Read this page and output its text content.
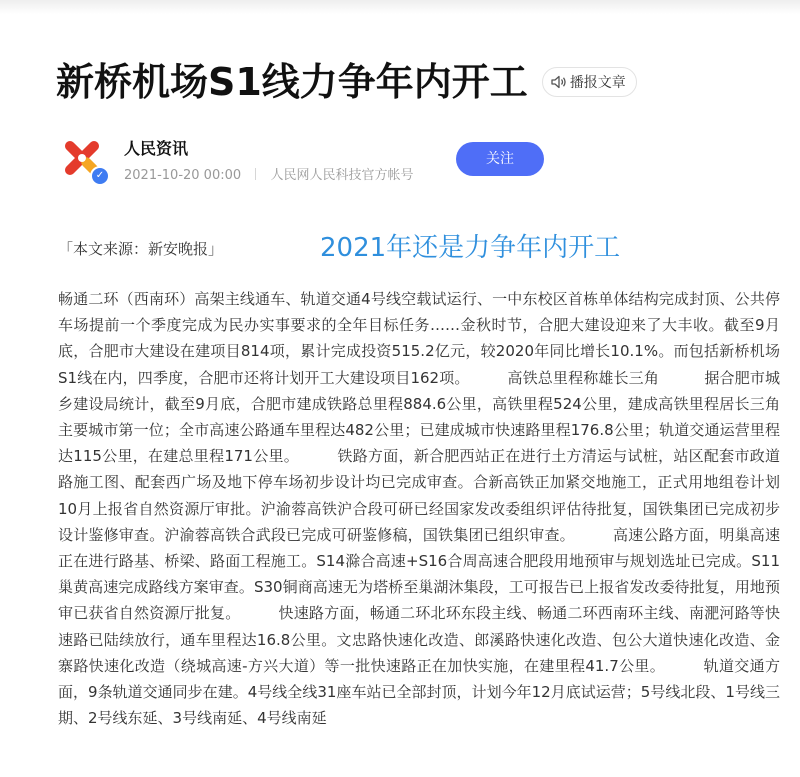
新桥机场S1线力争年内开工	播报文章
✓
人民资讯
2021-10-20 00:00 人民网人民科技官方帐号
关注
「本文来源：新安晚报」	2021年还是力争年内开工

畅通二环（西南环）高架主线通车、轨道交通4号线空载试运行、一中东校区首栋单体结构完成封顶、公共停车场提前一个季度完成为民办实事要求的全年目标任务……金秋时节，合肥大建设迎来了大丰收。截至9月底，合肥市大建设在建项目814项，累计完成投资515.2亿元，较2020年同比增长10.1%。而包括新桥机场S1线在内，四季度，合肥市还将计划开工大建设项目162项。　　　高铁总里程称雄长三角　　　据合肥市城乡建设局统计，截至9月底，合肥市建成铁路总里程884.6公里，高铁里程524公里，建成高铁里程居长三角主要城市第一位；全市高速公路通车里程达482公里；已建成城市快速路里程176.8公里；轨道交通运营里程达115公里，在建总里程171公里。　　　铁路方面，新合肥西站正在进行土方清运与试桩，站区配套市政道路施工图、配套西广场及地下停车场初步设计均已完成审查。合新高铁正加紧交地施工，正式用地组卷计划10月上报省自然资源厅审批。沪渝蓉高铁沪合段可研已经国家发改委组织评估待批复，国铁集团已完成初步设计鉴修审查。沪渝蓉高铁合武段已完成可研鉴修稿，国铁集团已组织审查。　　　高速公路方面，明巢高速正在进行路基、桥梁、路面工程施工。S14滁合高速+S16合周高速合肥段用地预审与规划选址已完成。S11巢黄高速完成路线方案审查。S30铜商高速无为塔桥至巢湖沐集段，工可报告已上报省发改委待批复，用地预审已获省自然资源厅批复。　　　快速路方面，畅通二环北环东段主线、畅通二环西南环主线、南淝河路等快速路已陆续放行，通车里程达16.8公里。文忠路快速化改造、郎溪路快速化改造、包公大道快速化改造、金寨路快速化改造（绕城高速-方兴大道）等一批快速路正在加快实施，在建里程41.7公里。　　　轨道交通方面，9条轨道交通同步在建。4号线全线31座车站已全部封顶，计划今年12月底试运营；5号线北段、1号线三期、2号线东延、3号线南延、4号线南延
